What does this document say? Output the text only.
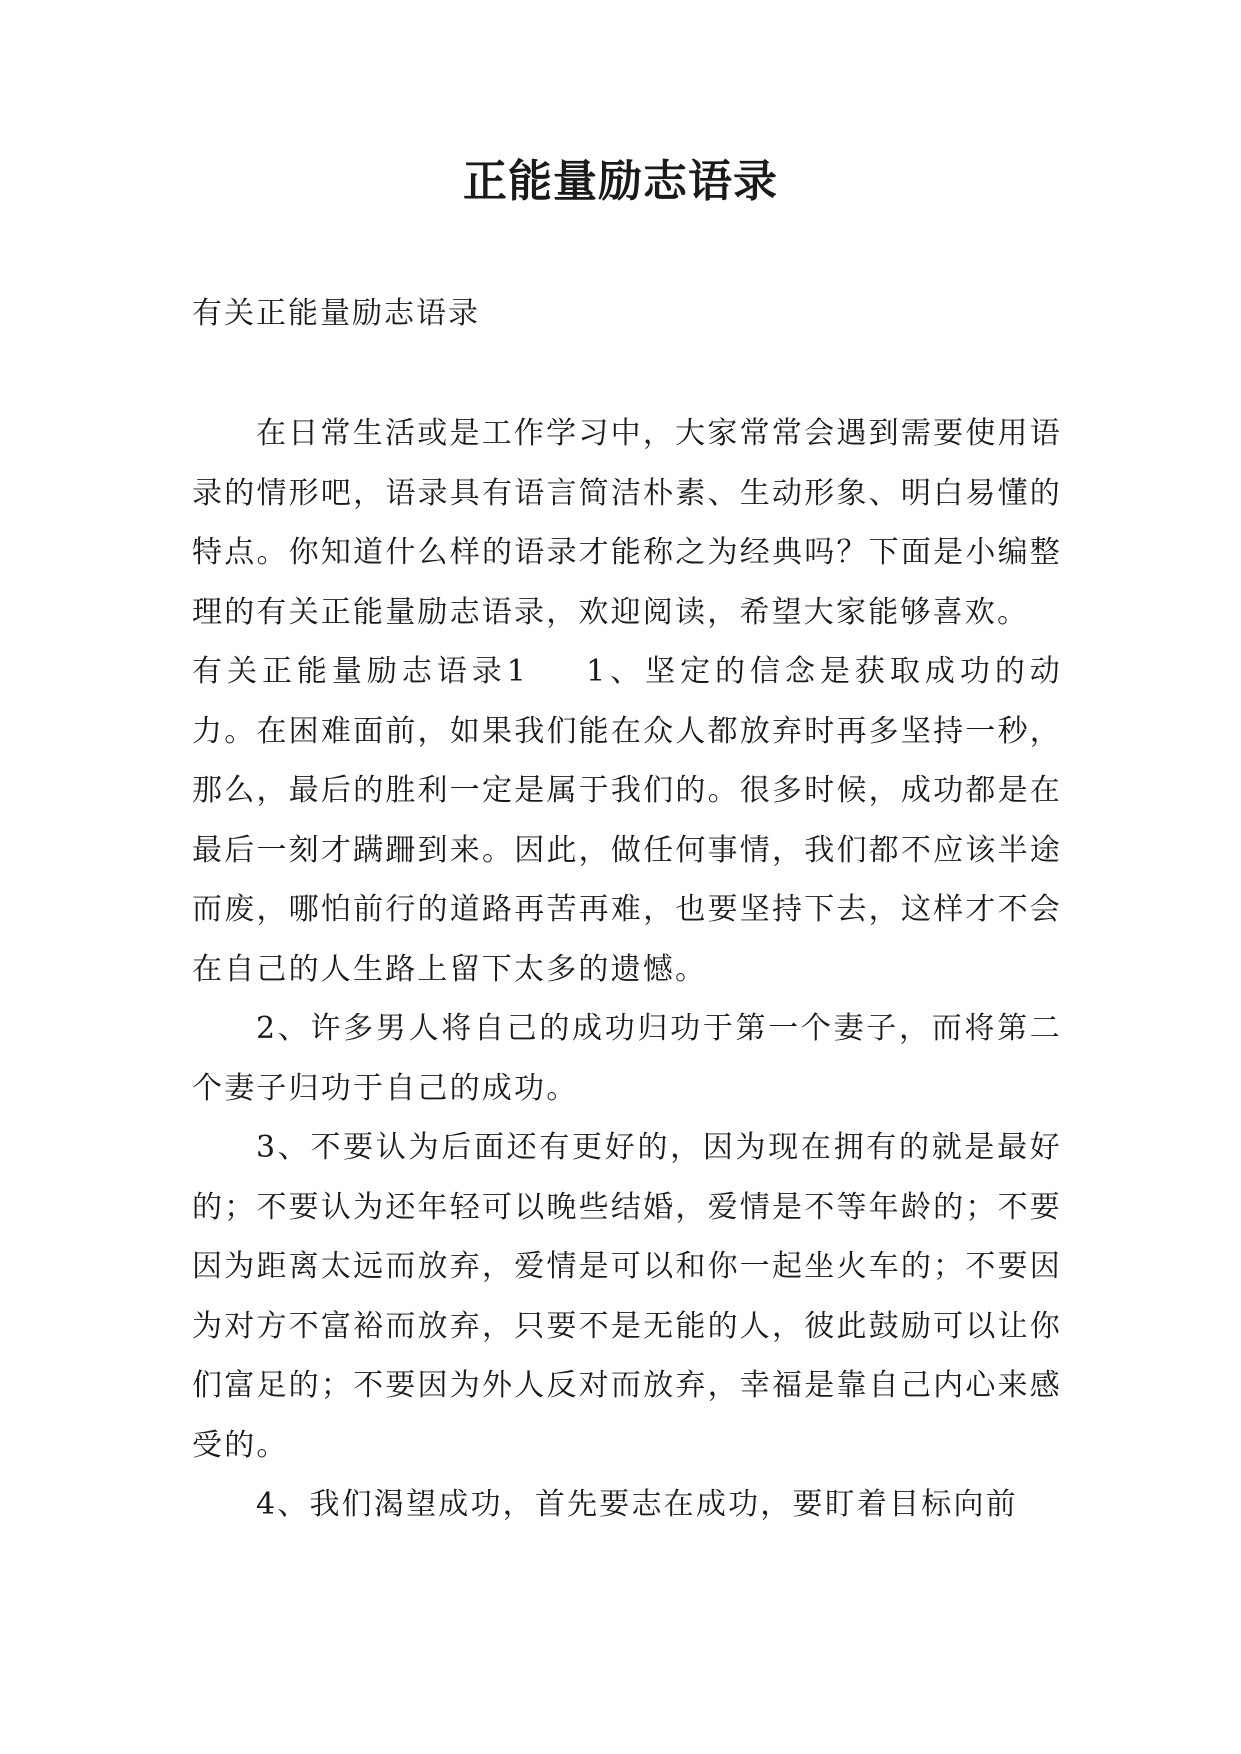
正能量励志语录

有关正能量励志语录

在日常生活或是工作学习中，大家常常会遇到需要使用语录的情形吧，语录具有语言简洁朴素、生动形象、明白易懂的特点。你知道什么样的语录才能称之为经典吗？下面是小编整理的有关正能量励志语录，欢迎阅读，希望大家能够喜欢。

有关正能量励志语录1 1、坚定的信念是获取成功的动力。在困难面前，如果我们能在众人都放弃时再多坚持一秒，那么，最后的胜利一定是属于我们的。很多时候，成功都是在最后一刻才蹒跚到来。因此，做任何事情，我们都不应该半途而废，哪怕前行的道路再苦再难，也要坚持下去，这样才不会在自己的人生路上留下太多的遗憾。

2、许多男人将自己的成功归功于第一个妻子，而将第二个妻子归功于自己的成功。

3、不要认为后面还有更好的，因为现在拥有的就是最好的；不要认为还年轻可以晚些结婚，爱情是不等年龄的；不要因为距离太远而放弃，爱情是可以和你一起坐火车的；不要因为对方不富裕而放弃，只要不是无能的人，彼此鼓励可以让你们富足的；不要因为外人反对而放弃，幸福是靠自己内心来感受的。

4、我们渴望成功，首先要志在成功，要盯着目标向前
